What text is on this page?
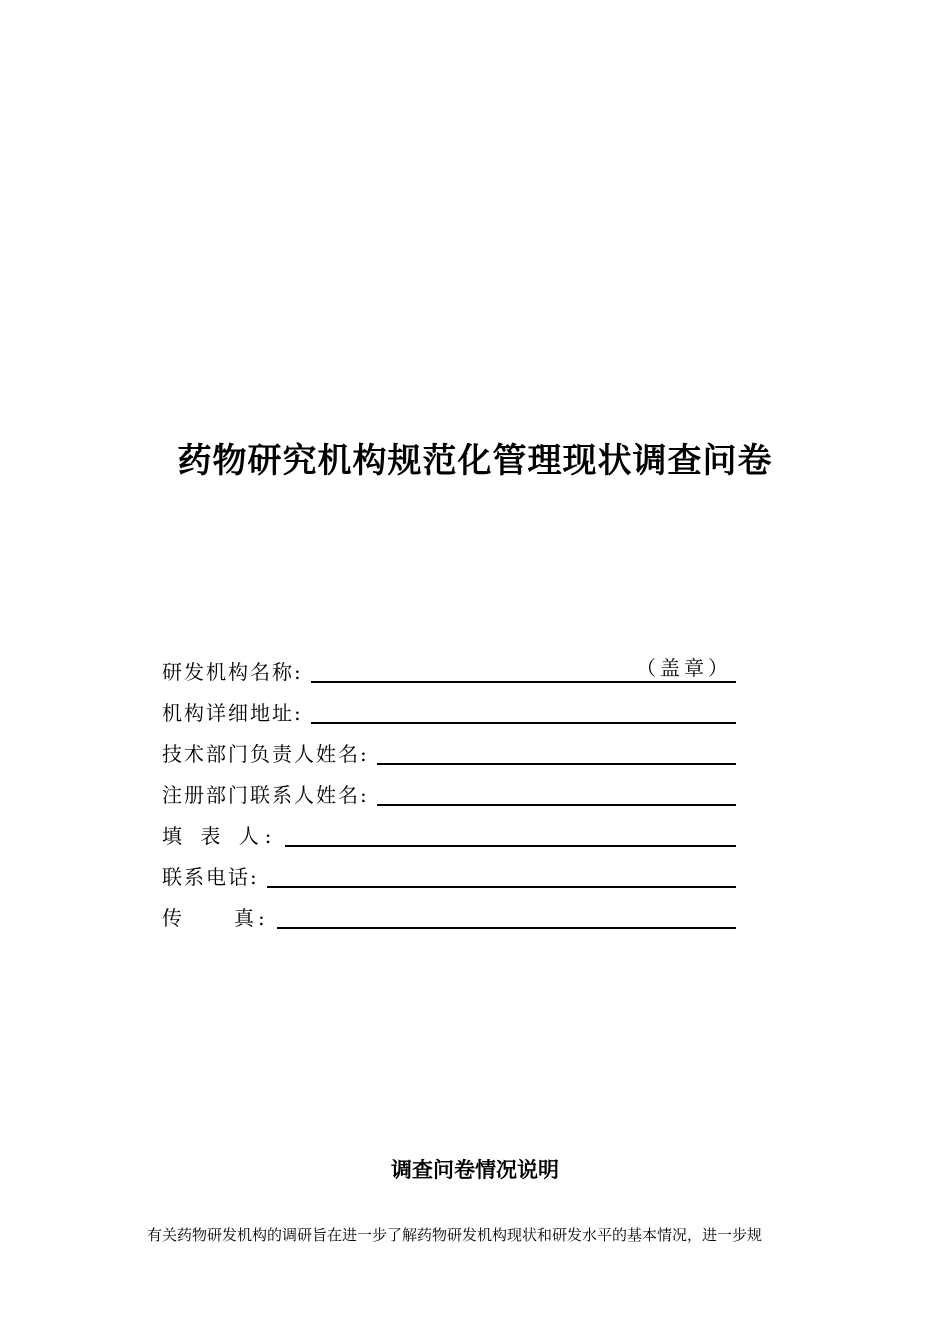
药物研究机构规范化管理现状调查问卷
研发机构名称:	（盖章）
机构详细地址:
技术部门负责人姓名:
注册部门联系人姓名:
填 表 人:
联系电话:
传　　真:
调查问卷情况说明

有关药物研发机构的调研旨在进一步了解药物研发机构现状和研发水平的基本情况，进一步规
